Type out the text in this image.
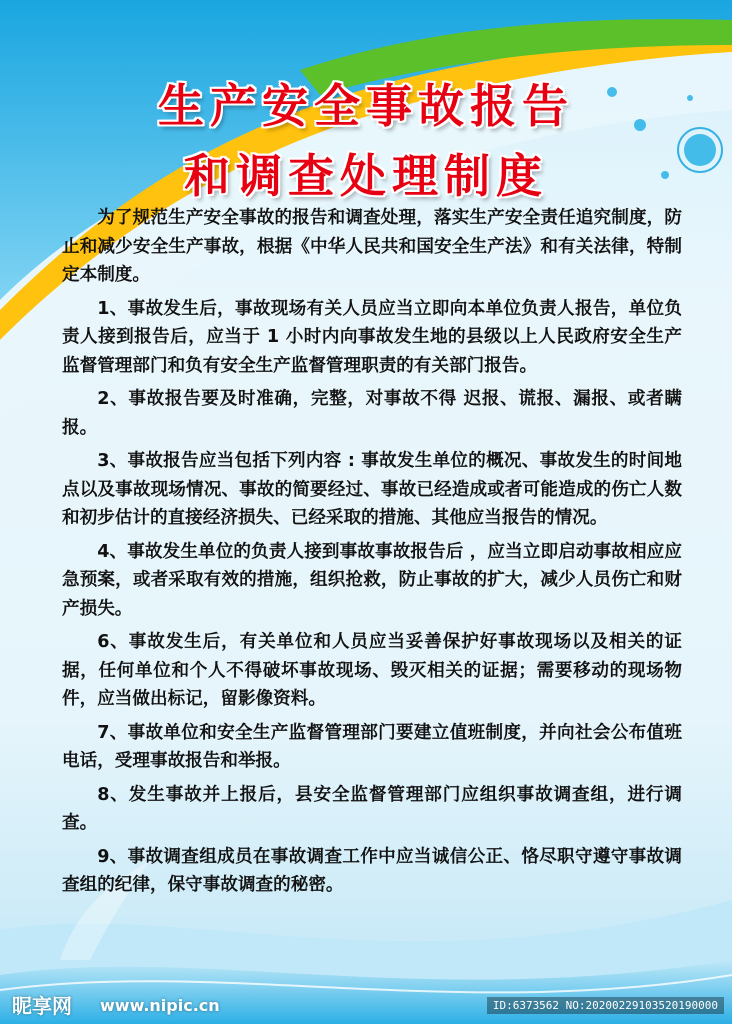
生产安全事故报告
和调查处理制度

为了规范生产安全事故的报告和调查处理，落实生产安全责任追究制度，防止和减少安全生产事故，根据《中华人民共和国安全生产法》和有关法律，特制定本制度。

1、事故发生后，事故现场有关人员应当立即向本单位负责人报告，单位负责人接到报告后，应当于 1 小时内向事故发生地的县级以上人民政府安全生产监督管理部门和负有安全生产监督管理职责的有关部门报告。

2、事故报告要及时准确，完整，对事故不得 迟报、谎报、漏报、或者瞒报。

3、事故报告应当包括下列内容 : 事故发生单位的概况、事故发生的时间地点以及事故现场情况、事故的简要经过、事故已经造成或者可能造成的伤亡人数和初步估计的直接经济损失、已经采取的措施、其他应当报告的情况。

4、事故发生单位的负责人接到事故事故报告后 ，应当立即启动事故相应应急预案，或者采取有效的措施，组织抢救，防止事故的扩大，减少人员伤亡和财产损失。

6、事故发生后，有关单位和人员应当妥善保护好事故现场以及相关的证据，任何单位和个人不得破坏事故现场、毁灭相关的证据；需要移动的现场物件，应当做出标记，留影像资料。

7、事故单位和安全生产监督管理部门要建立值班制度，并向社会公布值班电话，受理事故报告和举报。

8、发生事故并上报后，县安全监督管理部门应组织事故调查组，进行调查。

9、事故调查组成员在事故调查工作中应当诚信公正、恪尽职守遵守事故调查组的纪律，保守事故调查的秘密。

昵享网 www.nipic.cn	ID:6373562 NO:20200229103520190000
